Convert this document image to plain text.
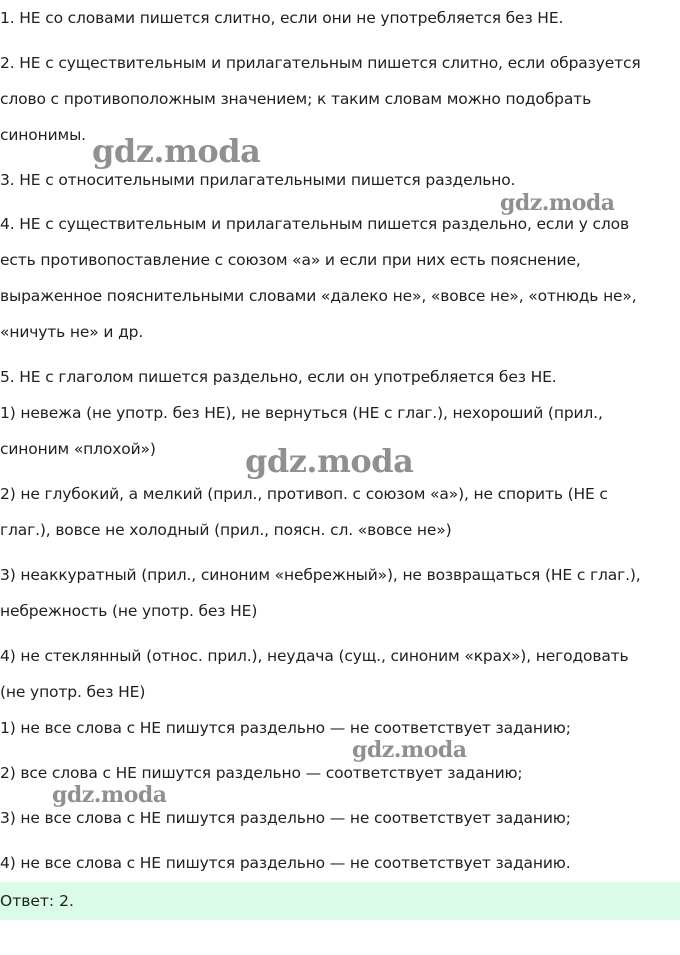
1. НЕ со словами пишется слитно, если они не употребляется без НЕ.
2. НЕ с существительным и прилагательным пишется слитно, если образуется
слово с противоположным значением; к таким словам можно подобрать
синонимы.
3. НЕ с относительными прилагательными пишется раздельно.
4. НЕ с существительным и прилагательным пишется раздельно, если у слов
есть противопоставление с союзом «а» и если при них есть пояснение,
выраженное пояснительными словами «далеко не», «вовсе не», «отнюдь не»,
«ничуть не» и др.
5. НЕ с глаголом пишется раздельно, если он употребляется без НЕ.
1) невежа (не употр. без НЕ), не вернуться (НЕ с глаг.), нехороший (прил.,
синоним «плохой»)
2) не глубокий, а мелкий (прил., противоп. с союзом «а»), не спорить (НЕ с
глаг.), вовсе не холодный (прил., поясн. сл. «вовсе не»)
3) неаккуратный (прил., синоним «небрежный»), не возвращаться (НЕ с глаг.),
небрежность (не употр. без НЕ)
4) не стеклянный (относ. прил.), неудача (сущ., синоним «крах»), негодовать
(не употр. без НЕ)
1) не все слова с НЕ пишутся раздельно — не соответствует заданию;
2) все слова с НЕ пишутся раздельно — соответствует заданию;
3) не все слова с НЕ пишутся раздельно — не соответствует заданию;
4) не все слова с НЕ пишутся раздельно — не соответствует заданию.
Ответ: 2.
gdz.moda
gdz.moda
gdz.moda
gdz.moda
gdz.moda
